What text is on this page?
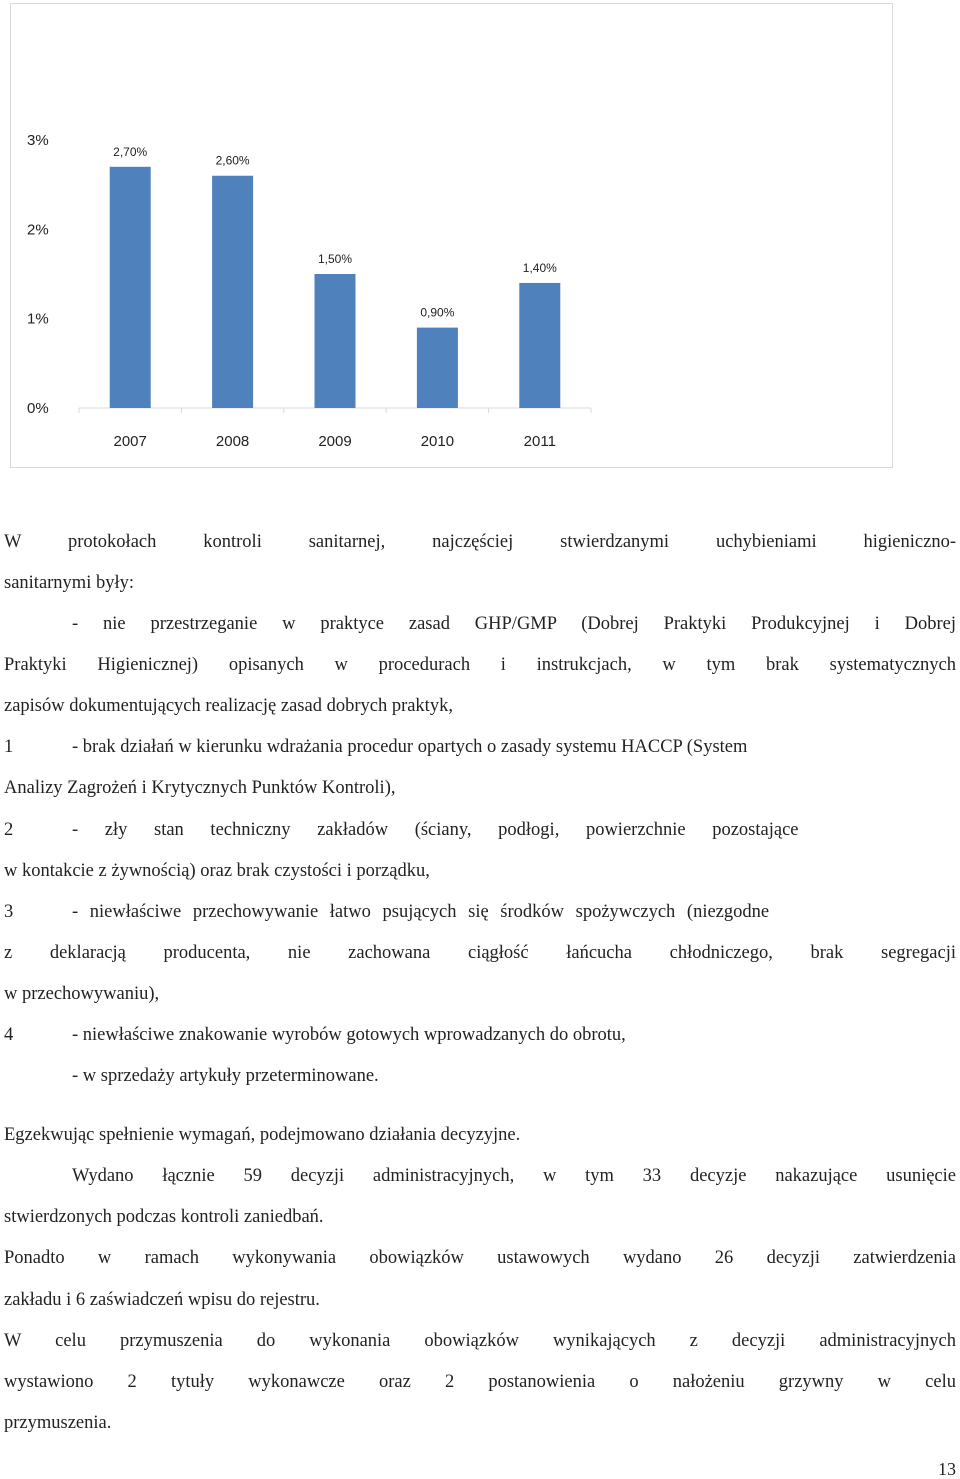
0%
1%
2%
3%
2,70%
2007
2,60%
2008
1,50%
2009
0,90%
2010
1,40%
2011

W protokołach kontroli sanitarnej, najczęściej stwierdzanymi uchybieniami higieniczno-

sanitarnymi były:

- nie przestrzeganie w praktyce zasad GHP/GMP (Dobrej Praktyki Produkcyjnej i Dobrej

Praktyki Higienicznej) opisanych w procedurach i instrukcjach, w tym brak systematycznych

zapisów dokumentujących realizację zasad dobrych praktyk,

1	- brak działań w kierunku wdrażania procedur opartych o zasady systemu HACCP (System

Analizy Zagrożeń i Krytycznych Punktów Kontroli),

2	- zły stan techniczny zakładów (ściany, podłogi, powierzchnie pozostające

w kontakcie z żywnością) oraz brak czystości i porządku,

3	- niewłaściwe przechowywanie łatwo psujących się środków spożywczych (niezgodne

z deklaracją producenta, nie zachowana ciągłość łańcucha chłodniczego, brak segregacji

w przechowywaniu),

4	- niewłaściwe znakowanie wyrobów gotowych wprowadzanych do obrotu,

- w sprzedaży artykuły przeterminowane.

Egzekwując spełnienie wymagań, podejmowano działania decyzyjne.

Wydano łącznie 59 decyzji administracyjnych, w tym 33 decyzje nakazujące usunięcie

stwierdzonych podczas kontroli zaniedbań.

Ponadto w ramach wykonywania obowiązków ustawowych wydano 26 decyzji zatwierdzenia

zakładu i 6 zaświadczeń wpisu do rejestru.

W celu przymuszenia do wykonania obowiązków wynikających z decyzji administracyjnych

wystawiono 2 tytuły wykonawcze oraz 2 postanowienia o nałożeniu grzywny w celu

przymuszenia.

13
